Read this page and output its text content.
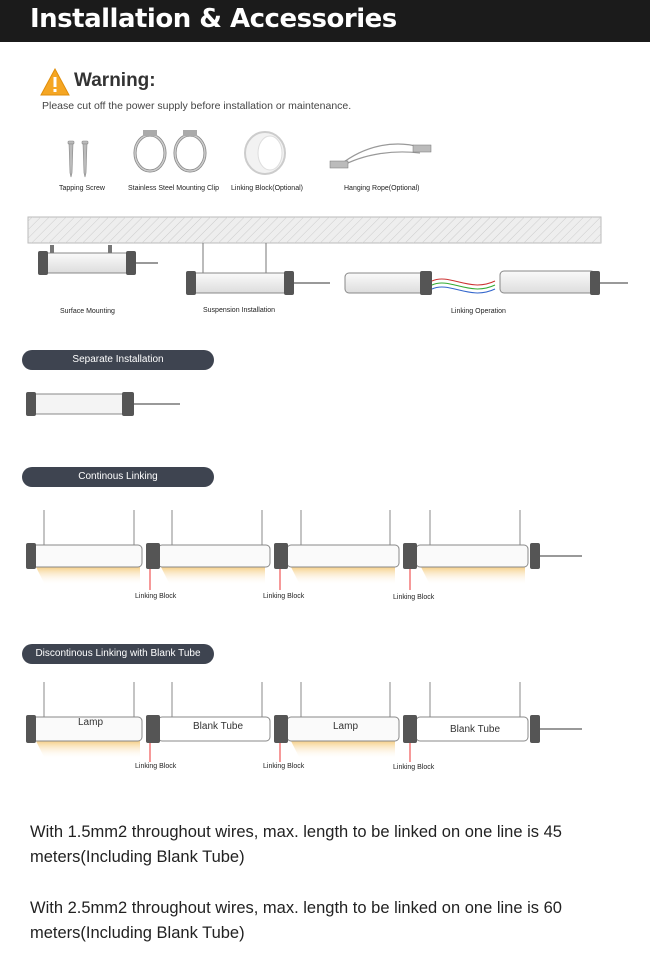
Installation & Accessories
Warning:
Please cut off the power supply before installation or maintenance.
Tapping Screw	Stainless Steel Mounting Clip Linking Block(Optional)	Hanging Rope(Optional)
Surface Mounting	Suspension Installation	Linking Operation
Separate Installation
Continous Linking
Linking Block	Linking Block	Linking Block
Discontinous Linking with Blank Tube
Lamp	Blank Tube	Lamp	Blank Tube
Linking Block	Linking Block	Linking Block
With 1.5mm2 throughout wires, max. length to be linked on one line is 45 meters(Including Blank Tube)
With 2.5mm2 throughout wires, max. length to be linked on one line is 60 meters(Including Blank Tube)
